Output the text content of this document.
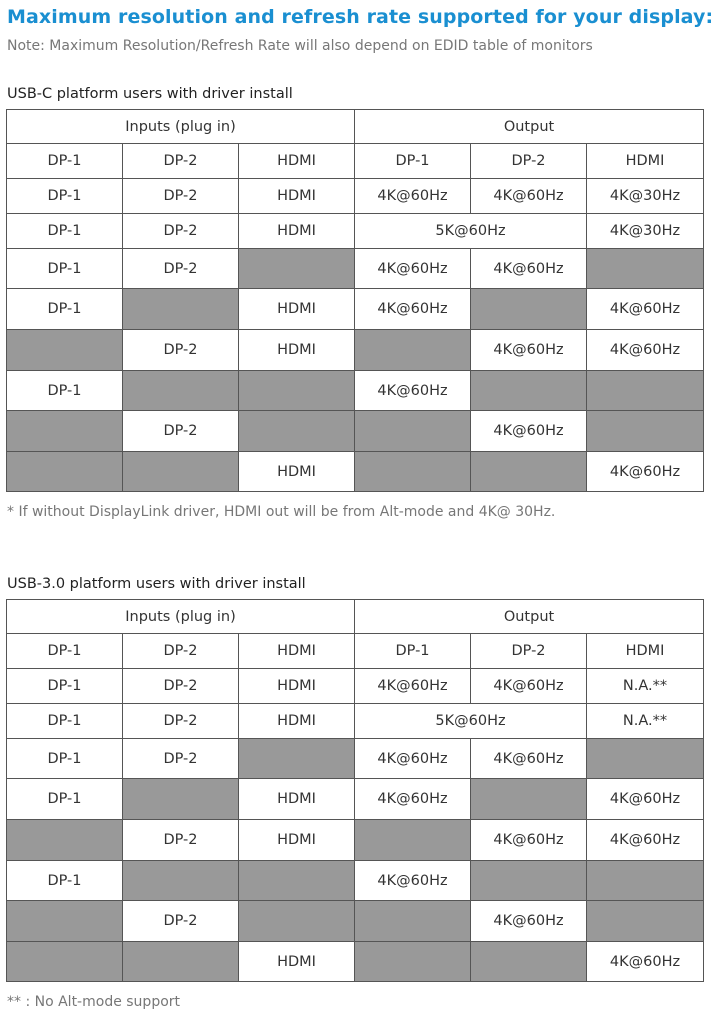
Maximum resolution and refresh rate supported for your display:
Note: Maximum Resolution/Refresh Rate will also depend on EDID table of monitors
USB-C platform users with driver install
Inputs (plug in)			Output		
DP-1	DP-2	HDMI	DP-1	DP-2	HDMI
DP-1	DP-2	HDMI	4K@60Hz	4K@60Hz	4K@30Hz
DP-1	DP-2	HDMI	5K@60Hz		4K@30Hz
DP-1	DP-2		4K@60Hz	4K@60Hz	
DP-1		HDMI	4K@60Hz		4K@60Hz
	DP-2	HDMI		4K@60Hz	4K@60Hz
DP-1			4K@60Hz		
	DP-2			4K@60Hz	
		HDMI			4K@60Hz
* If without DisplayLink driver, HDMI out will be from Alt-mode and 4K@ 30Hz.
USB-3.0 platform users with driver install
Inputs (plug in)			Output		
DP-1	DP-2	HDMI	DP-1	DP-2	HDMI
DP-1	DP-2	HDMI	4K@60Hz	4K@60Hz	N.A.**
DP-1	DP-2	HDMI	5K@60Hz		N.A.**
DP-1	DP-2		4K@60Hz	4K@60Hz	
DP-1		HDMI	4K@60Hz		4K@60Hz
	DP-2	HDMI		4K@60Hz	4K@60Hz
DP-1			4K@60Hz		
	DP-2			4K@60Hz	
		HDMI			4K@60Hz
** : No Alt-mode support
